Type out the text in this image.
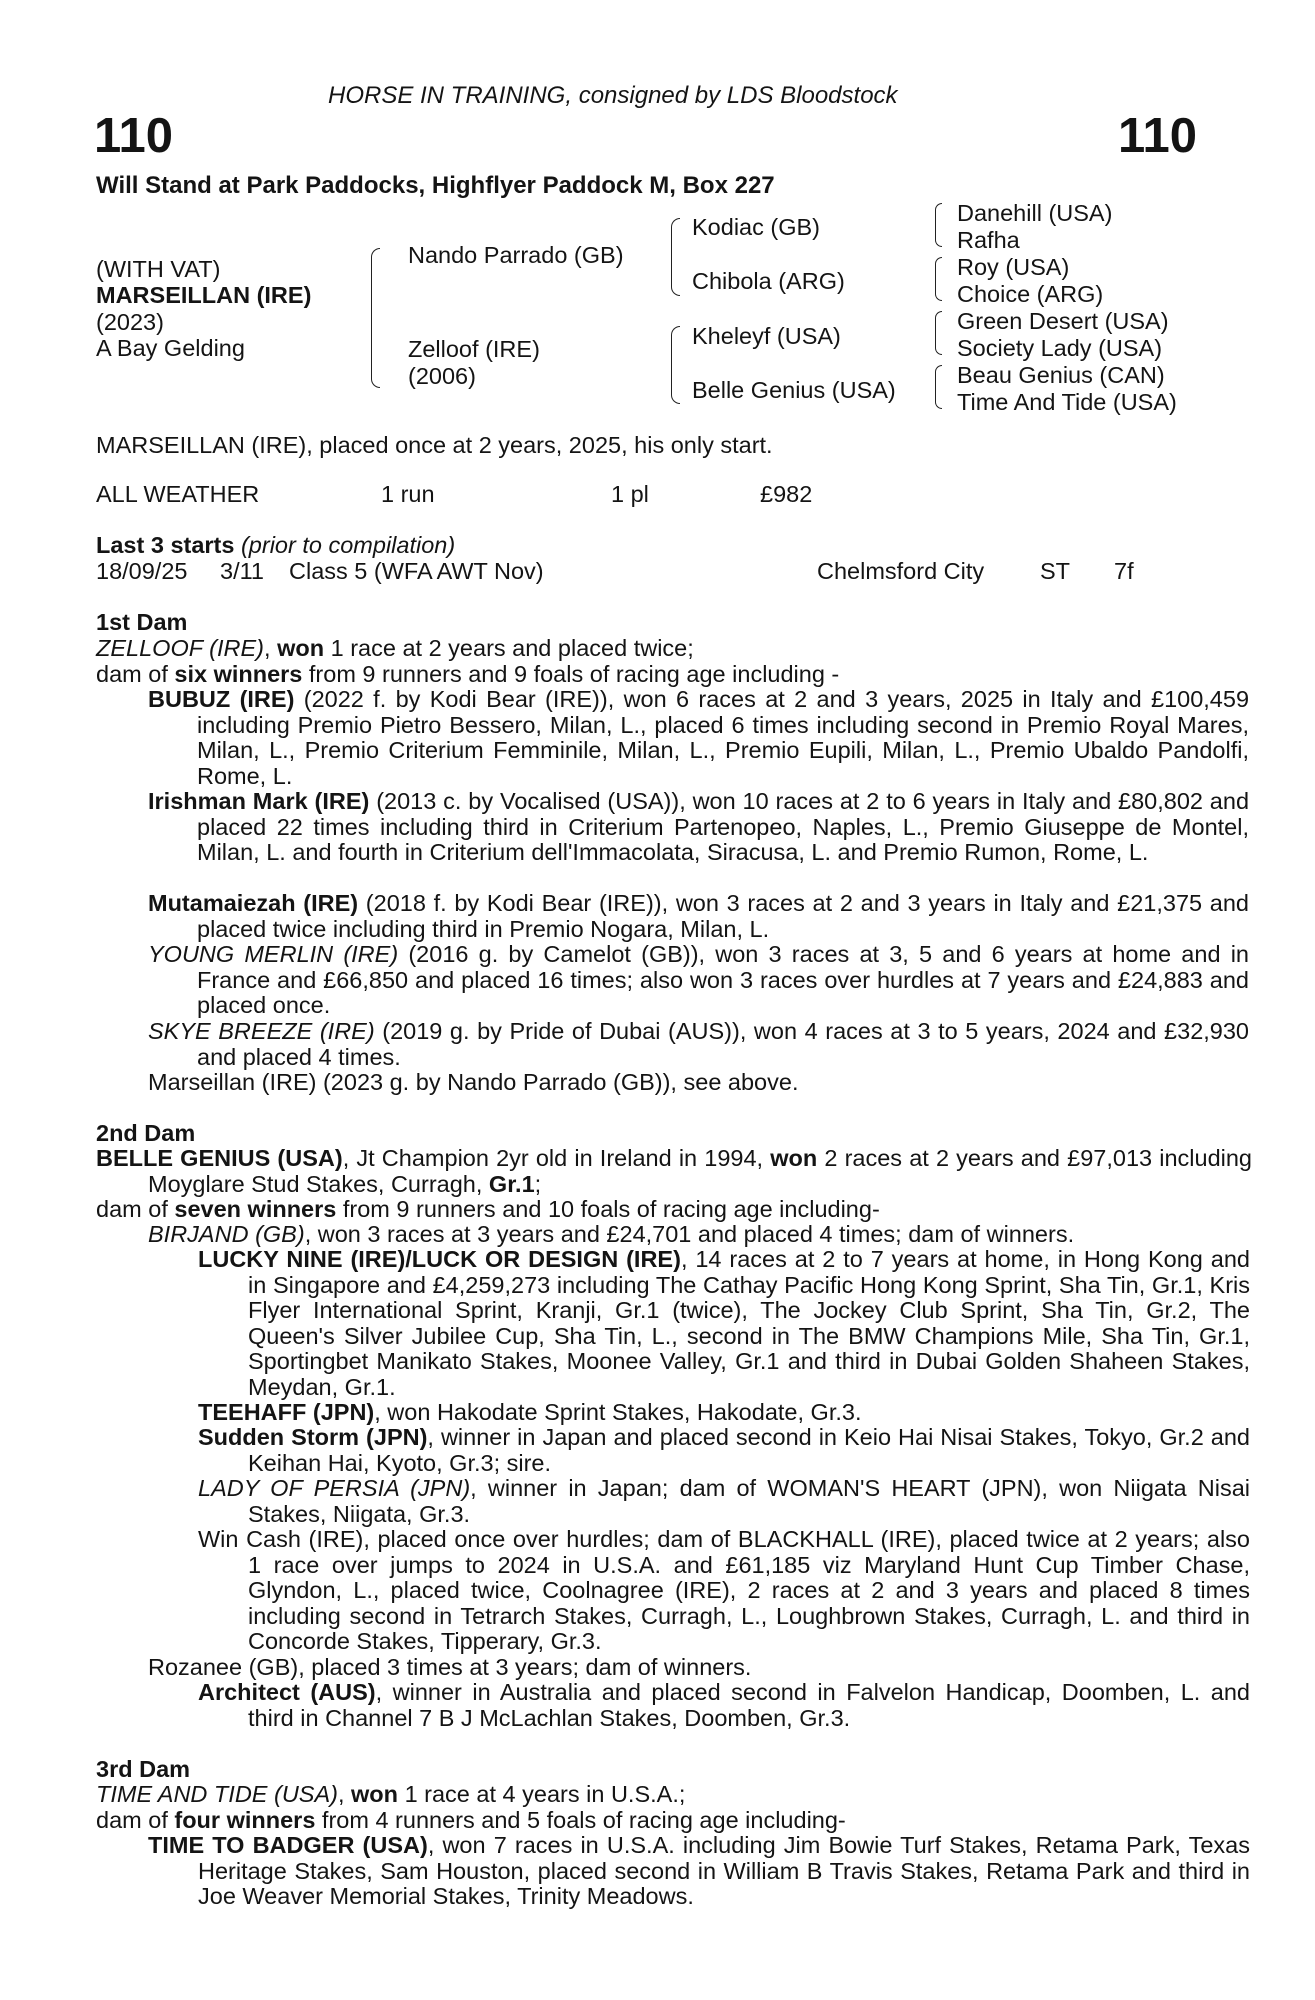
HORSE IN TRAINING, consigned by LDS Bloodstock
110	110
Will Stand at Park Paddocks, Highflyer Paddock M, Box 227
(WITH VAT)
MARSEILLAN (IRE)
(2023)
A Bay Gelding
Nando Parrado (GB)
Zelloof (IRE)
(2006)
Kodiac (GB)
Chibola (ARG)
Kheleyf (USA)
Belle Genius (USA)
Danehill (USA)
Rafha
Roy (USA)
Choice (ARG)
Green Desert (USA)
Society Lady (USA)
Beau Genius (CAN)
Time And Tide (USA)
MARSEILLAN (IRE), placed once at 2 years, 2025, his only start.
ALL WEATHER	1 run	1 pl	£982
Last 3 starts (prior to compilation)
18/09/25 3/11 Class 5 (WFA AWT Nov)	Chelmsford City ST 7f
1st Dam
ZELLOOF (IRE), won 1 race at 2 years and placed twice;
dam of six winners from 9 runners and 9 foals of racing age including -

BUBUZ (IRE) (2022 f. by Kodi Bear (IRE)), won 6 races at 2 and 3 years, 2025 in Italy and £100,459 including Premio Pietro Bessero, Milan, L., placed 6 times including second in Premio Royal Mares, Milan, L., Premio Criterium Femminile, Milan, L., Premio Eupili, Milan, L., Premio Ubaldo Pandolfi, Rome, L.

Irishman Mark (IRE) (2013 c. by Vocalised (USA)), won 10 races at 2 to 6 years in Italy and £80,802 and placed 22 times including third in Criterium Partenopeo, Naples, L., Premio Giuseppe de Montel, Milan, L. and fourth in Criterium dell'Immacolata, Siracusa, L. and Premio Rumon, Rome, L.

Mutamaiezah (IRE) (2018 f. by Kodi Bear (IRE)), won 3 races at 2 and 3 years in Italy and £21,375 and placed twice including third in Premio Nogara, Milan, L.

YOUNG MERLIN (IRE) (2016 g. by Camelot (GB)), won 3 races at 3, 5 and 6 years at home and in France and £66,850 and placed 16 times; also won 3 races over hurdles at 7 years and £24,883 and placed once.

SKYE BREEZE (IRE) (2019 g. by Pride of Dubai (AUS)), won 4 races at 3 to 5 years, 2024 and £32,930 and placed 4 times.

Marseillan (IRE) (2023 g. by Nando Parrado (GB)), see above.

2nd Dam

BELLE GENIUS (USA), Jt Champion 2yr old in Ireland in 1994, won 2 races at 2 years and £97,013 including Moyglare Stud Stakes, Curragh, Gr.1;

dam of seven winners from 9 runners and 10 foals of racing age including-

BIRJAND (GB), won 3 races at 3 years and £24,701 and placed 4 times; dam of winners.

LUCKY NINE (IRE)/LUCK OR DESIGN (IRE), 14 races at 2 to 7 years at home, in Hong Kong and in Singapore and £4,259,273 including The Cathay Pacific Hong Kong Sprint, Sha Tin, Gr.1, Kris Flyer International Sprint, Kranji, Gr.1 (twice), The Jockey Club Sprint, Sha Tin, Gr.2, The Queen's Silver Jubilee Cup, Sha Tin, L., second in The BMW Champions Mile, Sha Tin, Gr.1, Sportingbet Manikato Stakes, Moonee Valley, Gr.1 and third in Dubai Golden Shaheen Stakes, Meydan, Gr.1.

TEEHAFF (JPN), won Hakodate Sprint Stakes, Hakodate, Gr.3.

Sudden Storm (JPN), winner in Japan and placed second in Keio Hai Nisai Stakes, Tokyo, Gr.2 and Keihan Hai, Kyoto, Gr.3; sire.

LADY OF PERSIA (JPN), winner in Japan; dam of WOMAN'S HEART (JPN), won Niigata Nisai Stakes, Niigata, Gr.3.

Win Cash (IRE), placed once over hurdles; dam of BLACKHALL (IRE), placed twice at 2 years; also 1 race over jumps to 2024 in U.S.A. and £61,185 viz Maryland Hunt Cup Timber Chase, Glyndon, L., placed twice, Coolnagree (IRE), 2 races at 2 and 3 years and placed 8 times including second in Tetrarch Stakes, Curragh, L., Loughbrown Stakes, Curragh, L. and third in Concorde Stakes, Tipperary, Gr.3.

Rozanee (GB), placed 3 times at 3 years; dam of winners.

Architect (AUS), winner in Australia and placed second in Falvelon Handicap, Doomben, L. and third in Channel 7 B J McLachlan Stakes, Doomben, Gr.3.

3rd Dam
TIME AND TIDE (USA), won 1 race at 4 years in U.S.A.;
dam of four winners from 4 runners and 5 foals of racing age including-

TIME TO BADGER (USA), won 7 races in U.S.A. including Jim Bowie Turf Stakes, Retama Park, Texas Heritage Stakes, Sam Houston, placed second in William B Travis Stakes, Retama Park and third in Joe Weaver Memorial Stakes, Trinity Meadows.
